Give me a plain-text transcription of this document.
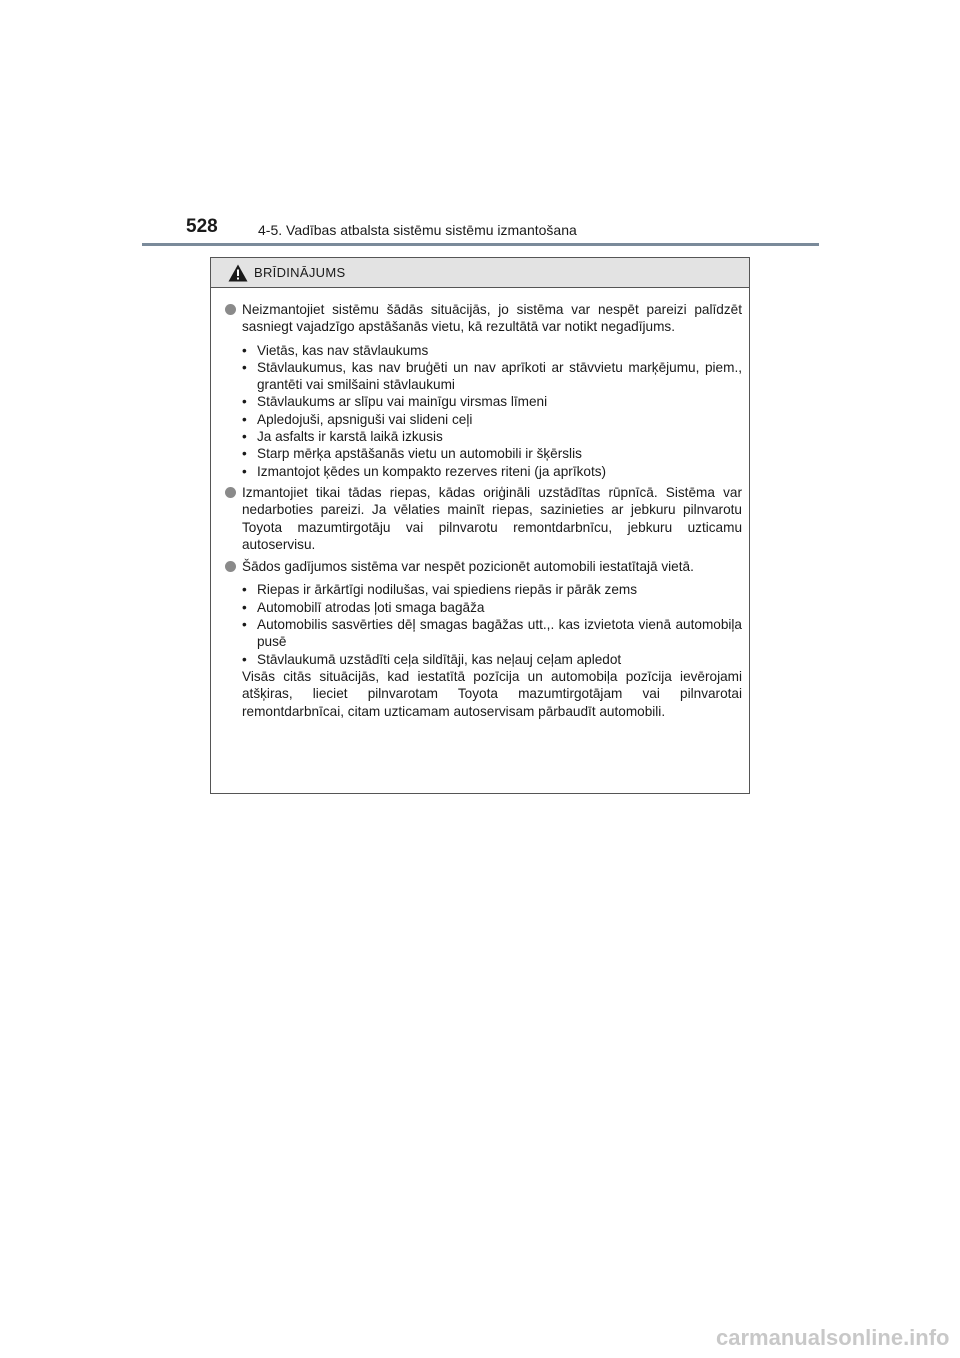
528	4-5. Vadības atbalsta sistēmu sistēmu izmantošana
BRĪDINĀJUMS
Neizmantojiet sistēmu šādās situācijās, jo sistēma var nespēt pareizi palīdzēt sasniegt vajadzīgo apstāšanās vietu, kā rezultātā var notikt negadījums.
• Vietās, kas nav stāvlaukums
• Stāvlaukumus, kas nav bruģēti un nav aprīkoti ar stāvvietu marķējumu, piem., grantēti vai smilšaini stāvlaukumi
• Stāvlaukums ar slīpu vai mainīgu virsmas līmeni
• Apledojuši, apsniguši vai slideni ceļi
• Ja asfalts ir karstā laikā izkusis
• Starp mērķa apstāšanās vietu un automobili ir šķērslis
• Izmantojot ķēdes un kompakto rezerves riteni (ja aprīkots)
Izmantojiet tikai tādas riepas, kādas oriģināli uzstādītas rūpnīcā. Sistēma var nedarboties pareizi. Ja vēlaties mainīt riepas, sazinieties ar jebkuru pilnvarotu Toyota mazumtirgotāju vai pilnvarotu remontdarbnīcu, jebkuru uzticamu autoservisu.
Šādos gadījumos sistēma var nespēt pozicionēt automobili iestatītajā vietā.
• Riepas ir ārkārtīgi nodilušas, vai spiediens riepās ir pārāk zems
• Automobilī atrodas ļoti smaga bagāža
• Automobilis sasvērties dēļ smagas bagāžas utt.,. kas izvietota vienā automobiļa pusē
• Stāvlaukumā uzstādīti ceļa sildītāji, kas neļauj ceļam apledot
Visās citās situācijās, kad iestatītā pozīcija un automobiļa pozīcija ievērojami atšķiras, lieciet pilnvarotam Toyota mazumtirgotājam vai pilnvarotai remontdarbnīcai, citam uzticamam autoservisam pārbaudīt automobili.
carmanualsonline.info
